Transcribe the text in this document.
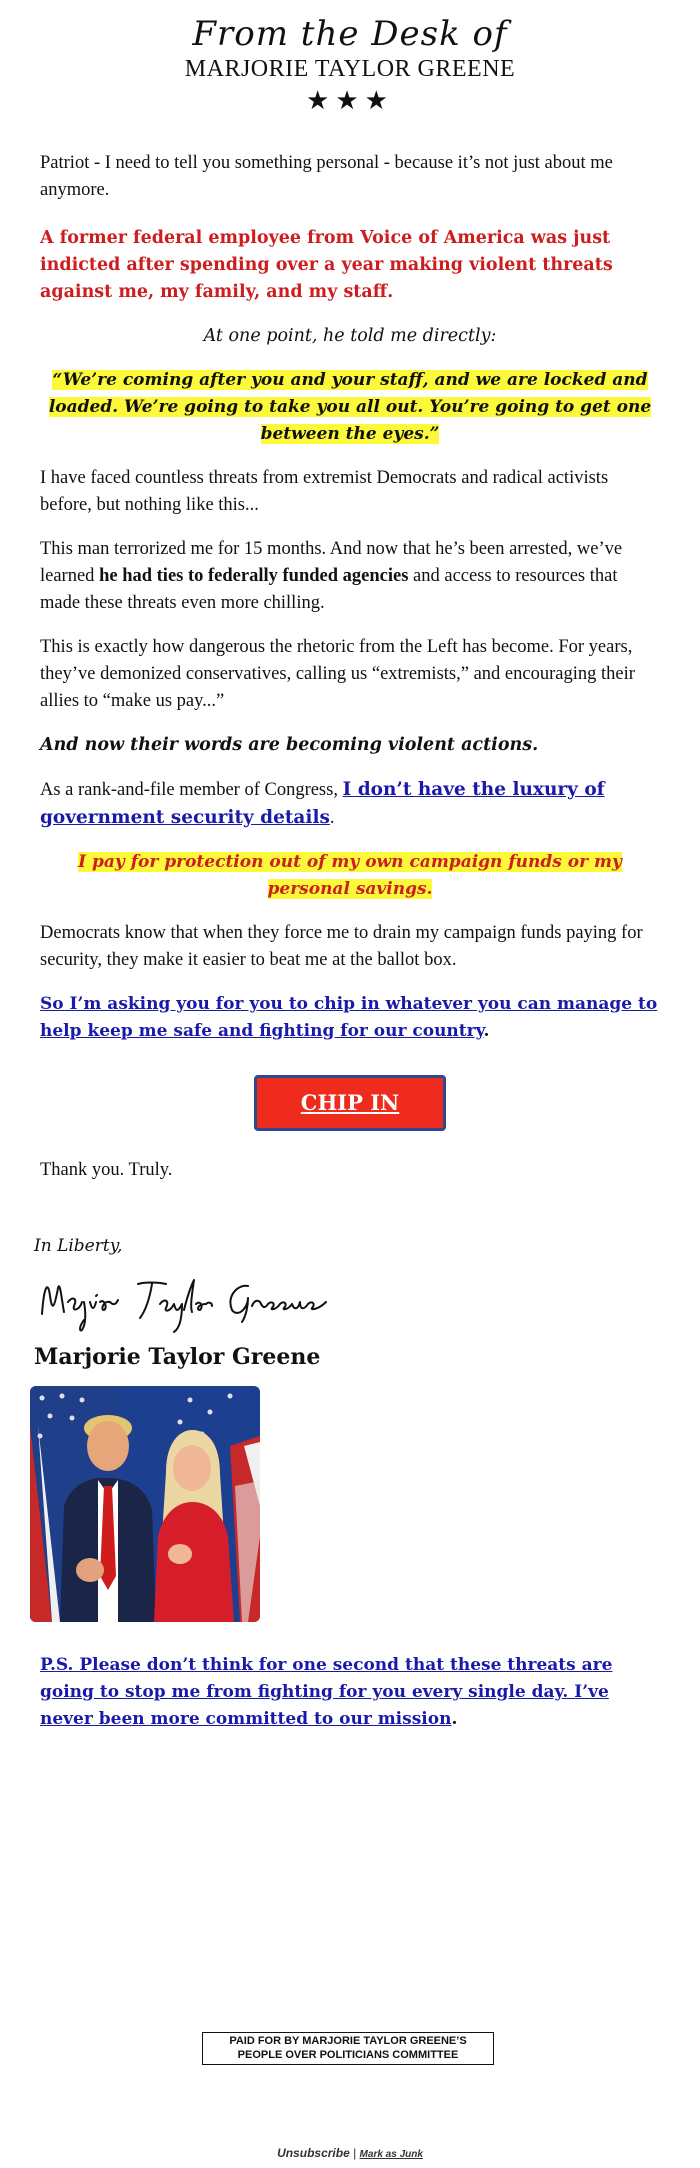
From the Desk of
MARJORIE TAYLOR GREENE
★★★

Patriot - I need to tell you something personal - because it’s not just about me anymore.

A former federal employee from Voice of America was just indicted after spending over a year making violent threats against me, my family, and my staff.

At one point, he told me directly:

“We’re coming after you and your staff, and we are locked and loaded. We’re going to take you all out. You’re going to get one between the eyes.”

I have faced countless threats from extremist Democrats and radical activists before, but nothing like this...

This man terrorized me for 15 months. And now that he’s been arrested, we’ve learned he had ties to federally funded agencies and access to resources that made these threats even more chilling.

This is exactly how dangerous the rhetoric from the Left has become. For years, they’ve demonized conservatives, calling us “extremists,” and encouraging their allies to “make us pay...”

And now their words are becoming violent actions.

As a rank-and-file member of Congress, I don’t have the luxury of government security details.

I pay for protection out of my own campaign funds or my personal savings.

Democrats know that when they force me to drain my campaign funds paying for security, they make it easier to beat me at the ballot box.

So I’m asking you for you to chip in whatever you can manage to help keep me safe and fighting for our country.

CHIP IN

Thank you. Truly.

In Liberty,
Marjorie Taylor Greene

P.S. Please don’t think for one second that these threats are going to stop me from fighting for you every single day. I’ve never been more committed to our mission.

PAID FOR BY MARJORIE TAYLOR GREENE’S
PEOPLE OVER POLITICIANS COMMITTEE
Unsubscribe | Mark as Junk
